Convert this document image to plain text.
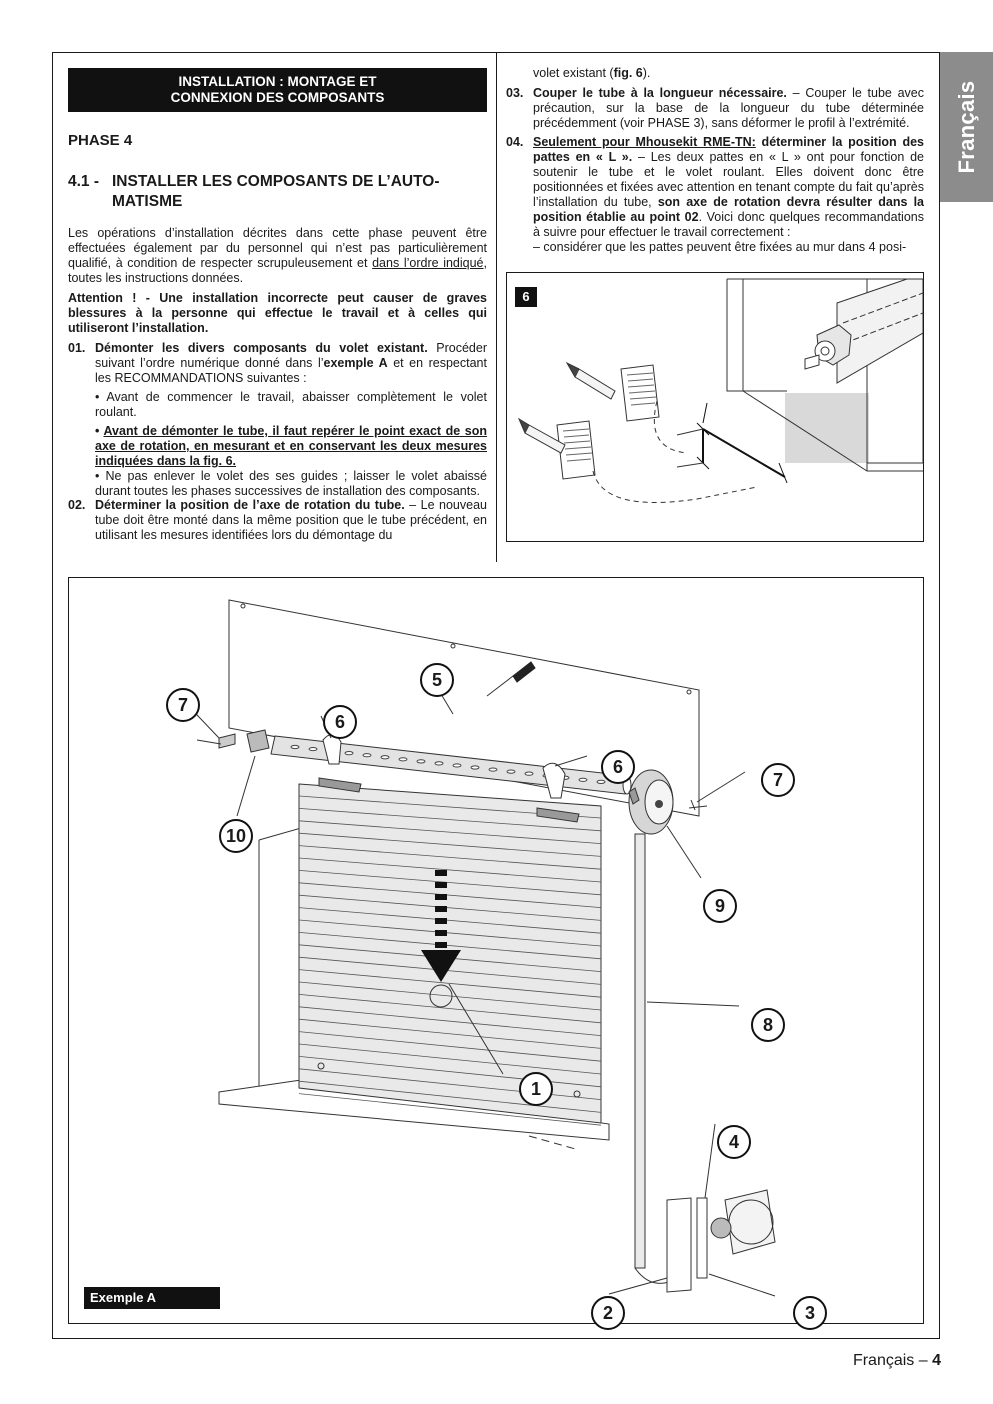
Français
INSTALLATION : MONTAGE ET
CONNEXION DES COMPOSANTS
PHASE 4
4.1 - INSTALLER LES COMPOSANTS DE L’AUTO-MATISME
Les opérations d’installation décrites dans cette phase peuvent être effectuées également par du personnel qui n’est pas particulièrement qualifié, à condition de respecter scrupuleusement et dans l’ordre indiqué, toutes les instructions données.
Attention ! - Une installation incorrecte peut causer de graves blessures à la personne qui effectue le travail et à celles qui utiliseront l’installation.
01. Démonter les divers composants du volet existant. Procéder suivant l’ordre numérique donné dans l’exemple A et en respectant les RECOMMANDATIONS suivantes :
• Avant de commencer le travail, abaisser complètement le volet roulant.
• Avant de démonter le tube, il faut repérer le point exact de son axe de rotation, en mesurant et en conservant les deux mesures indiquées dans la fig. 6.
• Ne pas enlever le volet des ses guides ; laisser le volet abaissé durant toutes les phases successives de installation des composants.
02. Déterminer la position de l’axe de rotation du tube. – Le nouveau tube doit être monté dans la même position que le tube précédent, en utilisant les mesures identifiées lors du démontage du
volet existant (fig. 6).
03. Couper le tube à la longueur nécessaire. – Couper le tube avec précaution, sur la base de la longueur du tube déterminée précédemment (voir PHASE 3), sans déformer le profil à l’extrémité.
04. Seulement pour Mhousekit RME-TN: déterminer la position des pattes en « L ». – Les deux pattes en « L » ont pour fonction de soutenir le tube et le volet roulant. Elles doivent donc être positionnées et fixées avec attention en tenant compte du fait qu’après l’installation du tube, son axe de rotation devra résulter dans la position établie au point 02. Voici donc quelques recommandations à suivre pour effectuer le travail correctement :
– considérer que les pattes peuvent être fixées au mur dans 4 posi-
6
1
2	3
4
5
6
6
7
7
8
9
10
Exemple A
Français – 4
